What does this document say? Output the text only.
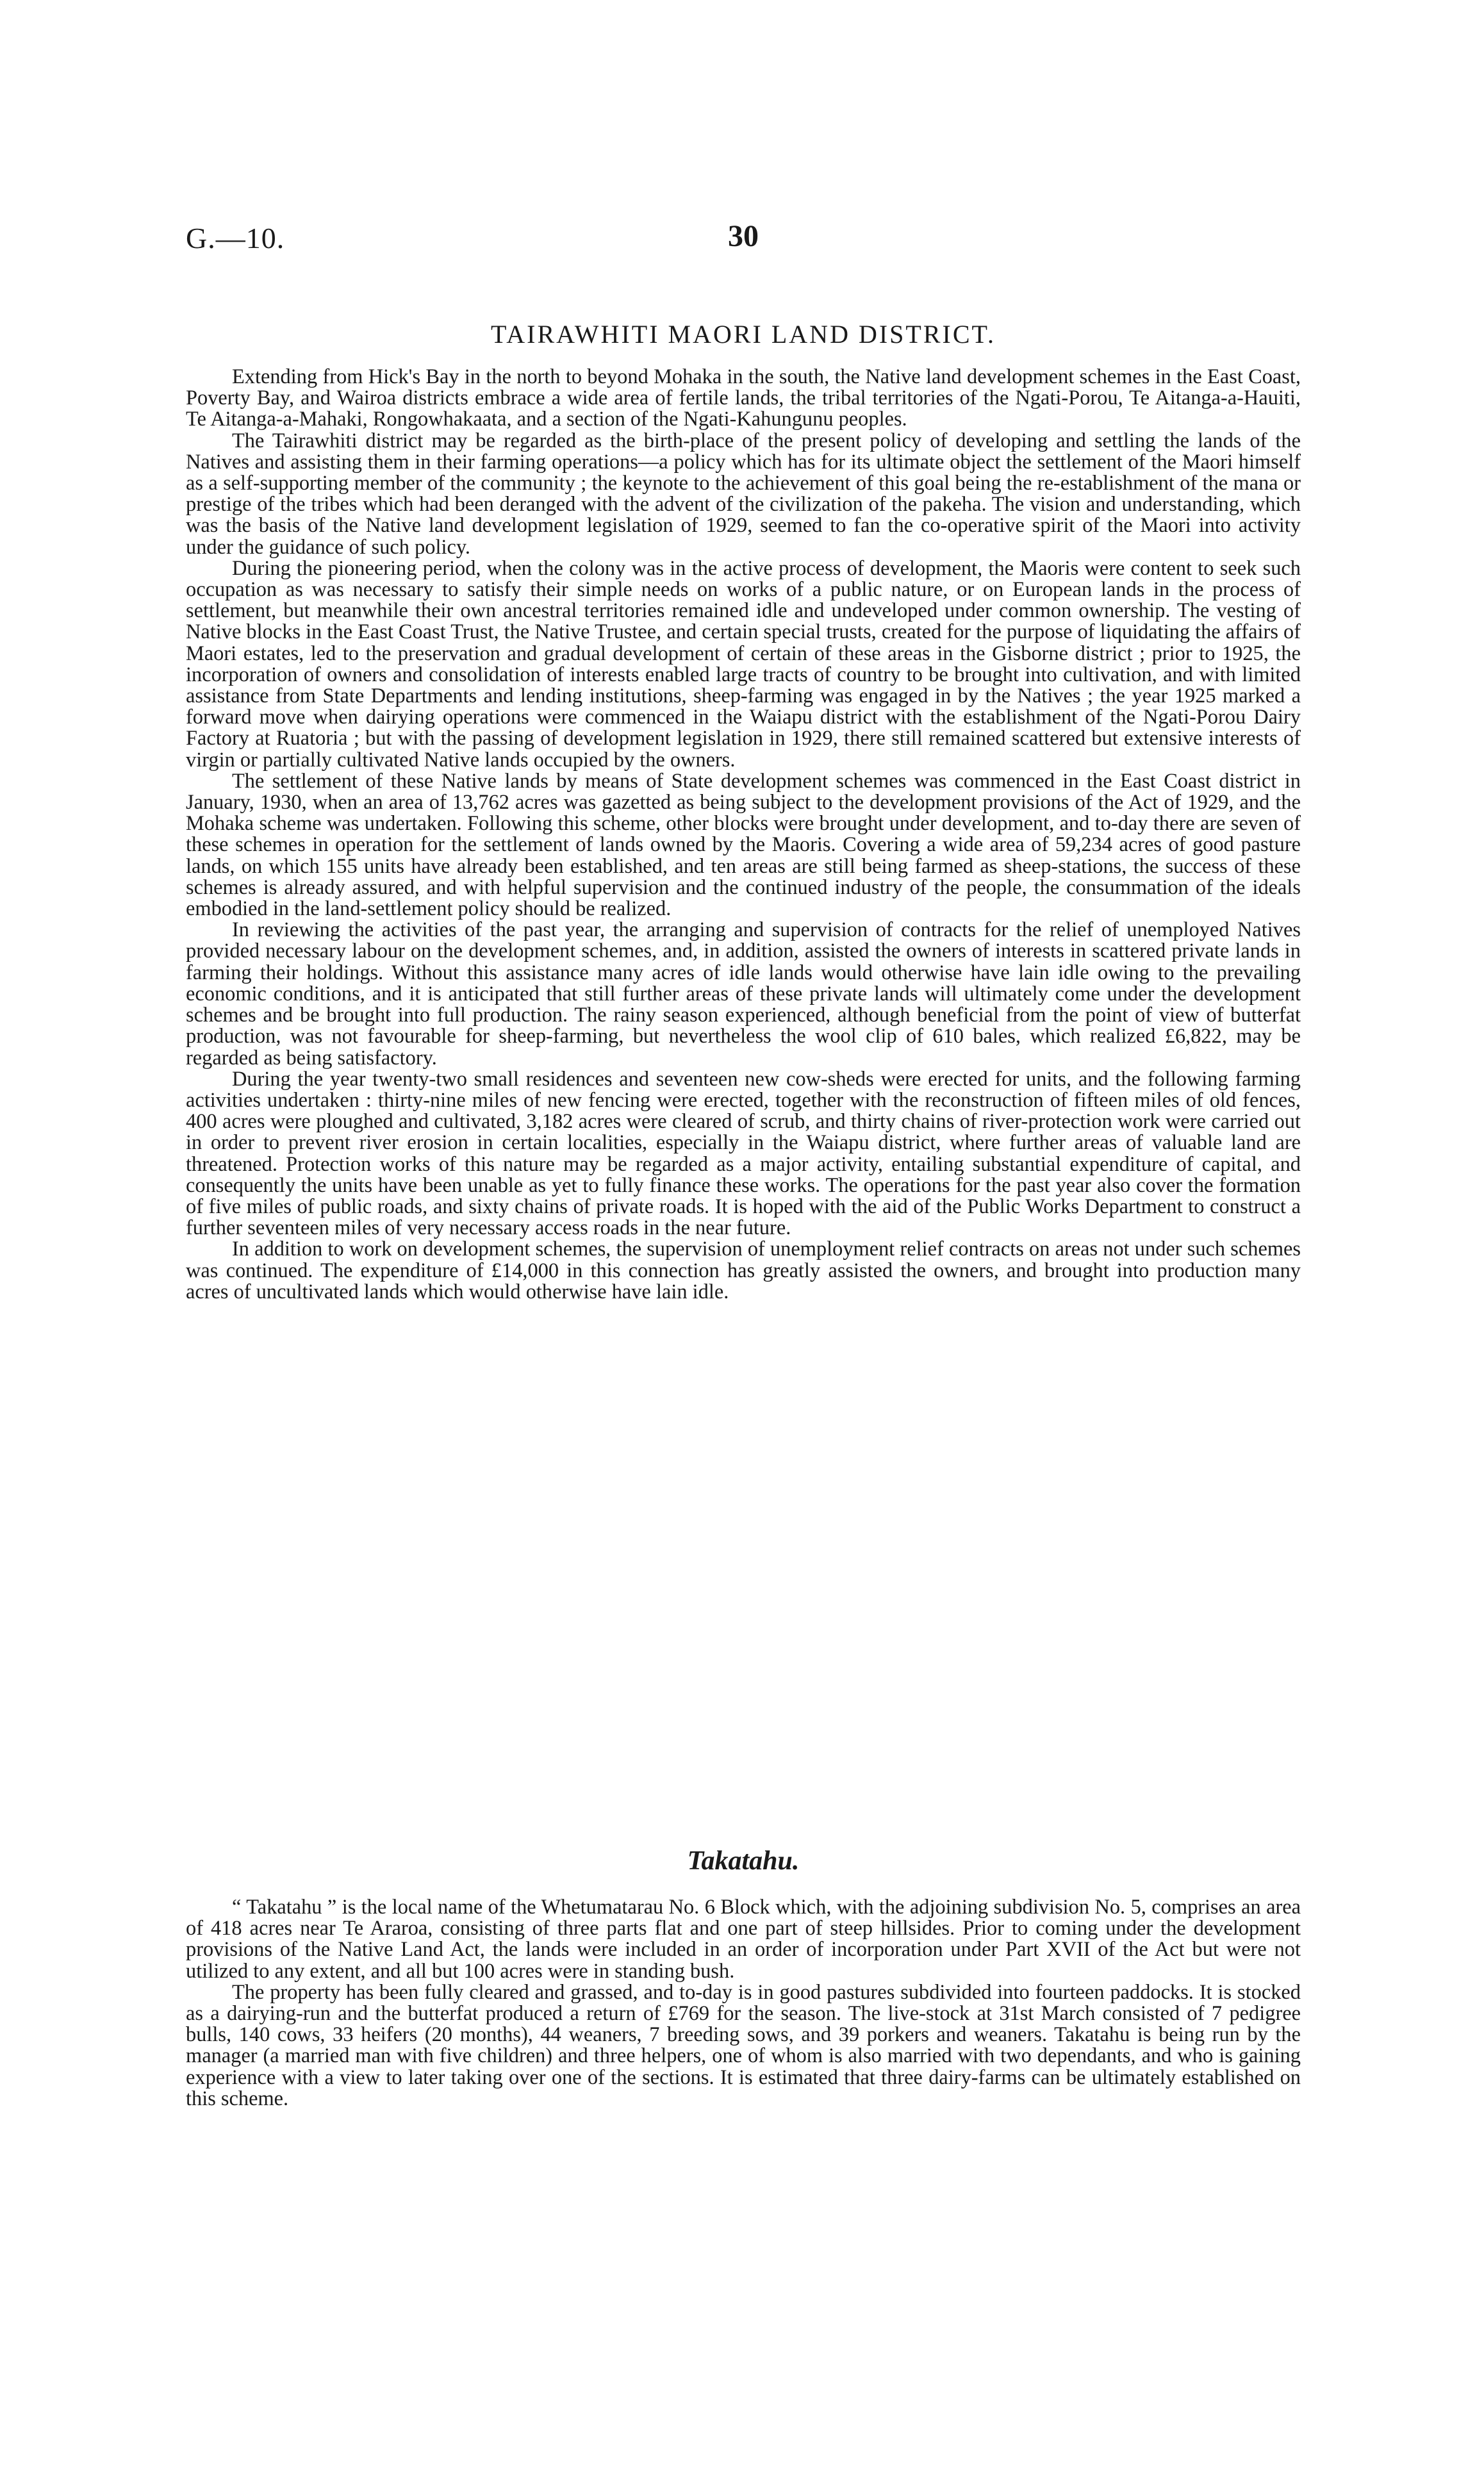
G.—10.	30
TAIRAWHITI MAORI LAND DISTRICT.

Extending from Hick's Bay in the north to beyond Mohaka in the south, the Native land development schemes in the East Coast, Poverty Bay, and Wairoa districts embrace a wide area of fertile lands, the tribal territories of the Ngati-Porou, Te Aitanga-a-Hauiti, Te Aitanga-a-Mahaki, Rongowhakaata, and a section of the Ngati-Kahungunu peoples.

The Tairawhiti district may be regarded as the birth-place of the present policy of developing and settling the lands of the Natives and assisting them in their farming operations—a policy which has for its ultimate object the settlement of the Maori himself as a self-supporting member of the community ; the keynote to the achievement of this goal being the re-establishment of the mana or prestige of the tribes which had been deranged with the advent of the civilization of the pakeha. The vision and understanding, which was the basis of the Native land development legislation of 1929, seemed to fan the co-operative spirit of the Maori into activity under the guidance of such policy.

During the pioneering period, when the colony was in the active process of development, the Maoris were content to seek such occupation as was necessary to satisfy their simple needs on works of a public nature, or on European lands in the process of settlement, but meanwhile their own ancestral territories remained idle and undeveloped under common ownership. The vesting of Native blocks in the East Coast Trust, the Native Trustee, and certain special trusts, created for the purpose of liquidating the affairs of Maori estates, led to the preservation and gradual development of certain of these areas in the Gisborne district ; prior to 1925, the incorporation of owners and consolidation of interests enabled large tracts of country to be brought into cultivation, and with limited assistance from State Departments and lending institutions, sheep-farming was engaged in by the Natives ; the year 1925 marked a forward move when dairying operations were commenced in the Waiapu district with the establishment of the Ngati-Porou Dairy Factory at Ruatoria ; but with the passing of development legislation in 1929, there still remained scattered but extensive interests of virgin or partially cultivated Native lands occupied by the owners.

The settlement of these Native lands by means of State development schemes was commenced in the East Coast district in January, 1930, when an area of 13,762 acres was gazetted as being subject to the development provisions of the Act of 1929, and the Mohaka scheme was undertaken. Following this scheme, other blocks were brought under development, and to-day there are seven of these schemes in operation for the settlement of lands owned by the Maoris. Covering a wide area of 59,234 acres of good pasture lands, on which 155 units have already been established, and ten areas are still being farmed as sheep-stations, the success of these schemes is already assured, and with helpful supervision and the continued industry of the people, the consummation of the ideals embodied in the land-settlement policy should be realized.

In reviewing the activities of the past year, the arranging and supervision of contracts for the relief of unemployed Natives provided necessary labour on the development schemes, and, in addition, assisted the owners of interests in scattered private lands in farming their holdings. Without this assistance many acres of idle lands would otherwise have lain idle owing to the prevailing economic conditions, and it is anticipated that still further areas of these private lands will ultimately come under the development schemes and be brought into full production. The rainy season experienced, although beneficial from the point of view of butterfat production, was not favourable for sheep-farming, but nevertheless the wool clip of 610 bales, which realized £6,822, may be regarded as being satisfactory.

During the year twenty-two small residences and seventeen new cow-sheds were erected for units, and the following farming activities undertaken : thirty-nine miles of new fencing were erected, together with the reconstruction of fifteen miles of old fences, 400 acres were ploughed and cultivated, 3,182 acres were cleared of scrub, and thirty chains of river-protection work were carried out in order to prevent river erosion in certain localities, especially in the Waiapu district, where further areas of valuable land are threatened. Protection works of this nature may be regarded as a major activity, entailing substantial expenditure of capital, and consequently the units have been unable as yet to fully finance these works. The operations for the past year also cover the formation of five miles of public roads, and sixty chains of private roads. It is hoped with the aid of the Public Works Department to construct a further seventeen miles of very necessary access roads in the near future.

In addition to work on development schemes, the supervision of unemployment relief contracts on areas not under such schemes was continued. The expenditure of £14,000 in this connection has greatly assisted the owners, and brought into production many acres of uncultivated lands which would otherwise have lain idle.

Takatahu.

“ Takatahu ” is the local name of the Whetumatarau No. 6 Block which, with the adjoining subdivision No. 5, comprises an area of 418 acres near Te Araroa, consisting of three parts flat and one part of steep hillsides. Prior to coming under the development provisions of the Native Land Act, the lands were included in an order of incorporation under Part XVII of the Act but were not utilized to any extent, and all but 100 acres were in standing bush.

The property has been fully cleared and grassed, and to-day is in good pastures subdivided into fourteen paddocks. It is stocked as a dairying-run and the butterfat produced a return of £769 for the season. The live-stock at 31st March consisted of 7 pedigree bulls, 140 cows, 33 heifers (20 months), 44 weaners, 7 breeding sows, and 39 porkers and weaners. Takatahu is being run by the manager (a married man with five children) and three helpers, one of whom is also married with two dependants, and who is gaining experience with a view to later taking over one of the sections. It is estimated that three dairy-farms can be ultimately established on this scheme.
